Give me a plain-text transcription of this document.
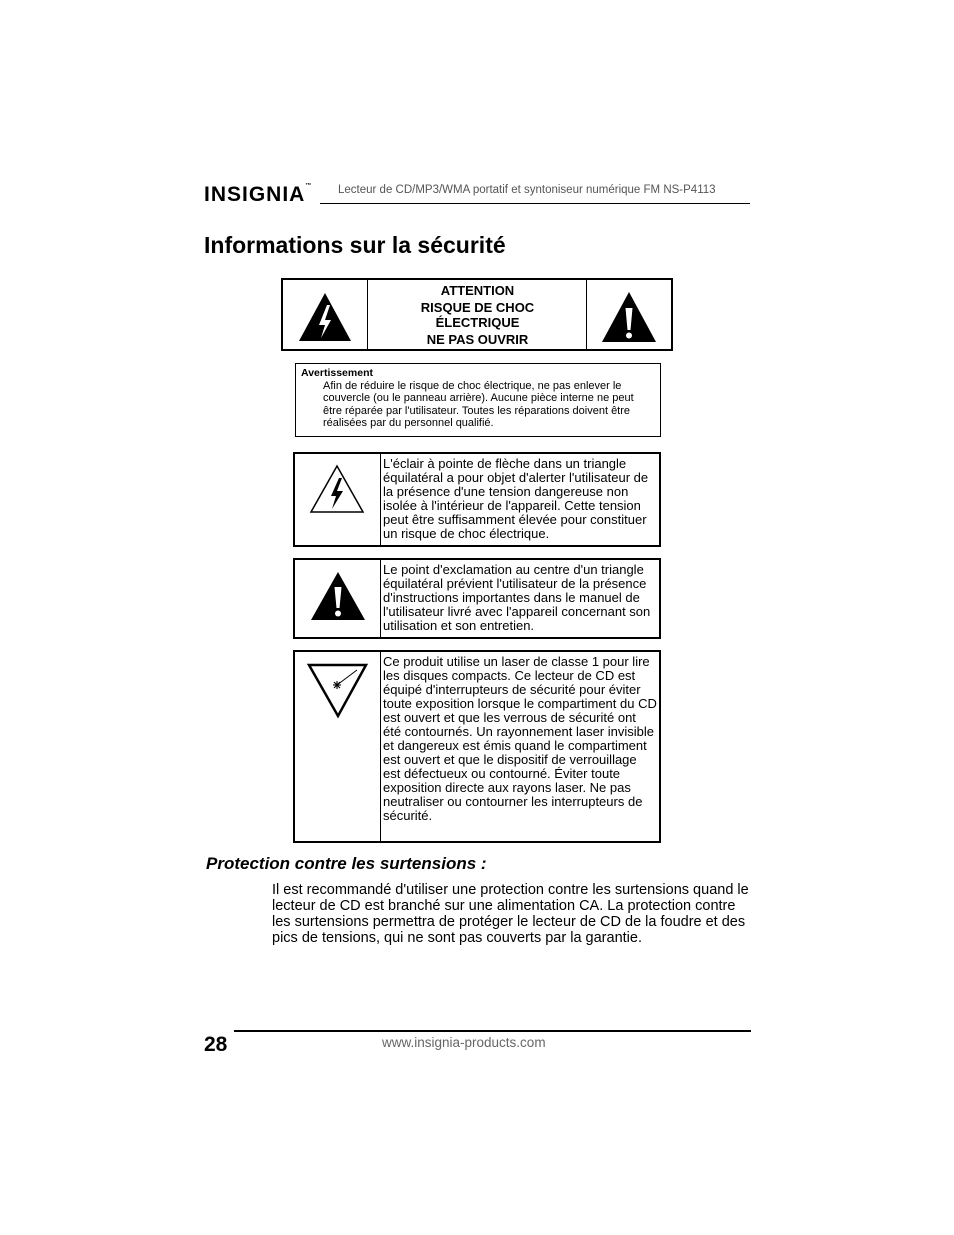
INSIGNIA™ Lecteur de CD/MP3/WMA portatif et syntoniseur numérique FM NS-P4113
Informations sur la sécurité
ATTENTION
RISQUE DE CHOC
ÉLECTRIQUE
NE PAS OUVRIR
Avertissement
Afin de réduire le risque de choc électrique, ne pas enlever le couvercle (ou le panneau arrière). Aucune pièce interne ne peut être réparée par l'utilisateur. Toutes les réparations doivent être réalisées par du personnel qualifié.
L'éclair à pointe de flèche dans un triangle équilatéral a pour objet d'alerter l'utilisateur de la présence d'une tension dangereuse non isolée à l'intérieur de l'appareil. Cette tension peut être suffisamment élevée pour constituer un risque de choc électrique.
Le point d'exclamation au centre d'un triangle équilatéral prévient l'utilisateur de la présence d'instructions importantes dans le manuel de l'utilisateur livré avec l'appareil concernant son utilisation et son entretien.
Ce produit utilise un laser de classe 1 pour lire les disques compacts. Ce lecteur de CD est équipé d'interrupteurs de sécurité pour éviter toute exposition lorsque le compartiment du CD est ouvert et que les verrous de sécurité ont été contournés. Un rayonnement laser invisible et dangereux est émis quand le compartiment est ouvert et que le dispositif de verrouillage est défectueux ou contourné. Éviter toute exposition directe aux rayons laser. Ne pas neutraliser ou contourner les interrupteurs de sécurité.
Protection contre les surtensions :
Il est recommandé d'utiliser une protection contre les surtensions quand le lecteur de CD est branché sur une alimentation CA. La protection contre les surtensions permettra de protéger le lecteur de CD de la foudre et des pics de tensions, qui ne sont pas couverts par la garantie.
28	www.insignia-products.com
